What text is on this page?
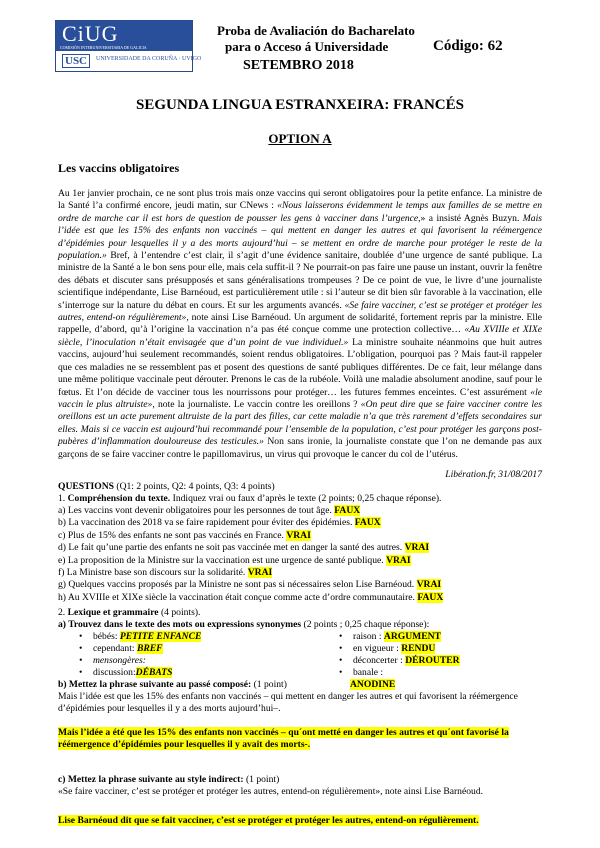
CiUG
COMISIÓN INTERUNIVERSITARIA DE GALICIA
USC	UNIVERSIDADE DA CORUÑA · UVIGO
Proba de Avaliación do Bacharelato
para o Acceso á Universidade	Código: 62
SETEMBRO 2018
SEGUNDA LINGUA ESTRANXEIRA: FRANCÉS
OPTION A
Les vaccins obligatoires
Au 1er janvier prochain, ce ne sont plus trois mais onze vaccins qui seront obligatoires pour la petite enfance. La ministre de la Santé l’a confirmé encore, jeudi matin, sur CNews : «Nous laisserons évidemment le temps aux familles de se mettre en ordre de marche car il est hors de question de pousser les gens à vacciner dans l’urgence,» a insisté Agnès Buzyn. Mais l’idée est que les 15% des enfants non vaccinés – qui mettent en danger les autres et qui favorisent la réémergence d’épidémies pour lesquelles il y a des morts aujourd’hui – se mettent en ordre de marche pour protéger le reste de la population.» Bref, à l’entendre c’est clair, il s’agit d’une évidence sanitaire, doublée d’une urgence de santé publique. La ministre de la Santé a le bon sens pour elle, mais cela suffit-il ? Ne pourrait-on pas faire une pause un instant, ouvrir la fenêtre des débats et discuter sans présupposés et sans généralisations trompeuses ? De ce point de vue, le livre d’une journaliste scientifique indépendante, Lise Barnéoud, est particulièrement utile : si l’auteur se dit bien sûr favorable à la vaccination, elle s’interroge sur la nature du débat en cours. Et sur les arguments avancés. «Se faire vacciner, c’est se protéger et protéger les autres, entend-on régulièrement», note ainsi Lise Barnéoud. Un argument de solidarité, fortement repris par la ministre. Elle rappelle, d’abord, qu’à l’origine la vaccination n’a pas été conçue comme une protection collective… «Au XVIIIe et XIXe siècle, l’inoculation n’était envisagée que d’un point de vue individuel.» La ministre souhaite néanmoins que huit autres vaccins, aujourd’hui seulement recommandés, soient rendus obligatoires. L’obligation, pourquoi pas ? Mais faut-il rappeler que ces maladies ne se ressemblent pas et posent des questions de santé publiques différentes. De ce fait, leur mélange dans une même politique vaccinale peut dérouter. Prenons le cas de la rubéole. Voilà une maladie absolument anodine, sauf pour le fœtus. Et l’on décide de vacciner tous les nourrissons pour protéger… les futures femmes enceintes. C’est assurément «le vaccin le plus altruiste», note la journaliste. Le vaccin contre les oreillons ? «On peut dire que se faire vacciner contre les oreillons est un acte purement altruiste de la part des filles, car cette maladie n’a que très rarement d’effets secondaires sur elles. Mais si ce vaccin est aujourd’hui recommandé pour l’ensemble de la population, c’est pour protéger les garçons post-pubères d’inflammation douloureuse des testicules.» Non sans ironie, la journaliste constate que l’on ne demande pas aux garçons de se faire vacciner contre le papillomavirus, un virus qui provoque le cancer du col de l’utérus.
Libération.fr, 31/08/2017
QUESTIONS (Q1: 2 points, Q2: 4 points, Q3: 4 points)
1. Compréhension du texte. Indiquez vrai ou faux d’après le texte (2 points; 0,25 chaque réponse).
a) Les vaccins vont devenir obligatoires pour les personnes de tout âge. FAUX
b) La vaccination des 2018 va se faire rapidement pour éviter des épidémies. FAUX
c) Plus de 15% des enfants ne sont pas vaccinés en France. VRAI
d) Le fait qu’une partie des enfants ne soit pas vaccinée met en danger la santé des autres. VRAI
e) La proposition de la Ministre sur la vaccination est une urgence de santé publique. VRAI
f) La Ministre base son discours sur la solidarité. VRAI
g) Quelques vaccins proposés par la Ministre ne sont pas si nécessaires selon Lise Barnéoud. VRAI
h) Au XVIIIe et XIXe siècle la vaccination était conçue comme acte d’ordre communautaire. FAUX
2. Lexique et grammaire (4 points).
a) Trouvez dans le texte des mots ou expressions synonymes (2 points ; 0,25 chaque réponse):
• bébés: PETITE ENFANCE
• cependant: BREF
• mensongères:
• discussion:DÉBATS
• raison : ARGUMENT
• en vigueur : RENDU
• déconcerter : DÉROUTER
• banale :
ANODINE
b) Mettez la phrase suivante au passé composé: (1 point)
Mais l’idée est que les 15% des enfants non vaccinés – qui mettent en danger les autres et qui favorisent la réémergence d’épidémies pour lesquelles il y a des morts aujourd’hui–.
Mais l’idée a été que les 15% des enfants non vaccinés – qu´ont metté en danger les autres et qu´ont favorisé la réémergence d’épidémies pour lesquelles il y avait des morts-.
c) Mettez la phrase suivante au style indirect: (1 point)
«Se faire vacciner, c’est se protéger et protéger les autres, entend-on régulièrement», note ainsi Lise Barnéoud.
Lise Barnéoud dit que se fait vacciner, c’est se protéger et protéger les autres, entend-on régulièrement.
